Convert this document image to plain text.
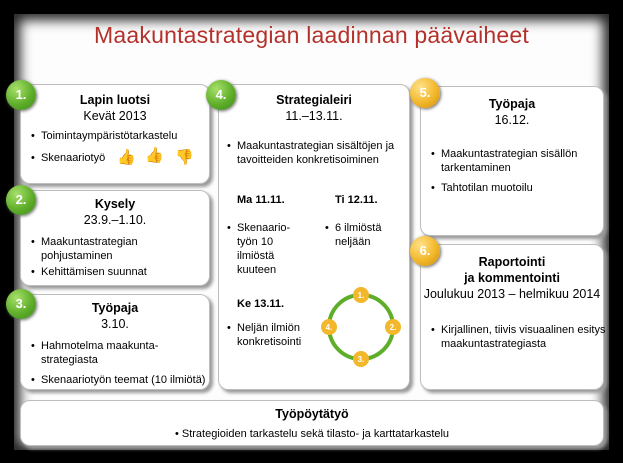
Maakuntastrategian laadinnan päävaiheet
Lapin luotsi
Kevät 2013
• Toimintaympäristötarkastelu
• Skenaariotyö 👍 👍 👎
1.
Kysely
23.9.–1.10.
• Maakuntastrategian pohjustaminen
• Kehittämisen suunnat
2.
Työpaja
3.10.
• Hahmotelma maakunta-strategiasta
• Skenaariotyön teemat (10 ilmiötä)
3.
Strategialeiri
11.–13.11.
• Maakuntastrategian sisältöjen ja tavoitteiden konkretisoiminen
Ma 11.11.	Ti 12.11.
• Skenaario-työn 10 ilmiöstä kuuteen
• 6 ilmiöstä neljään
Ke 13.11.
• Neljän ilmiön konkretisointi
1.
2.
3.
4.
4.
Työpaja
16.12.
• Maakuntastrategian sisällön tarkentaminen
• Tahtotilan muotoilu
5.
Raportointi
ja kommentointi
Joulukuu 2013 – helmikuu 2014
• Kirjallinen, tiivis visuaalinen esitys maakuntastrategiasta
6.
Työpöytätyö
• Strategioiden tarkastelu sekä tilasto- ja karttatarkastelu
